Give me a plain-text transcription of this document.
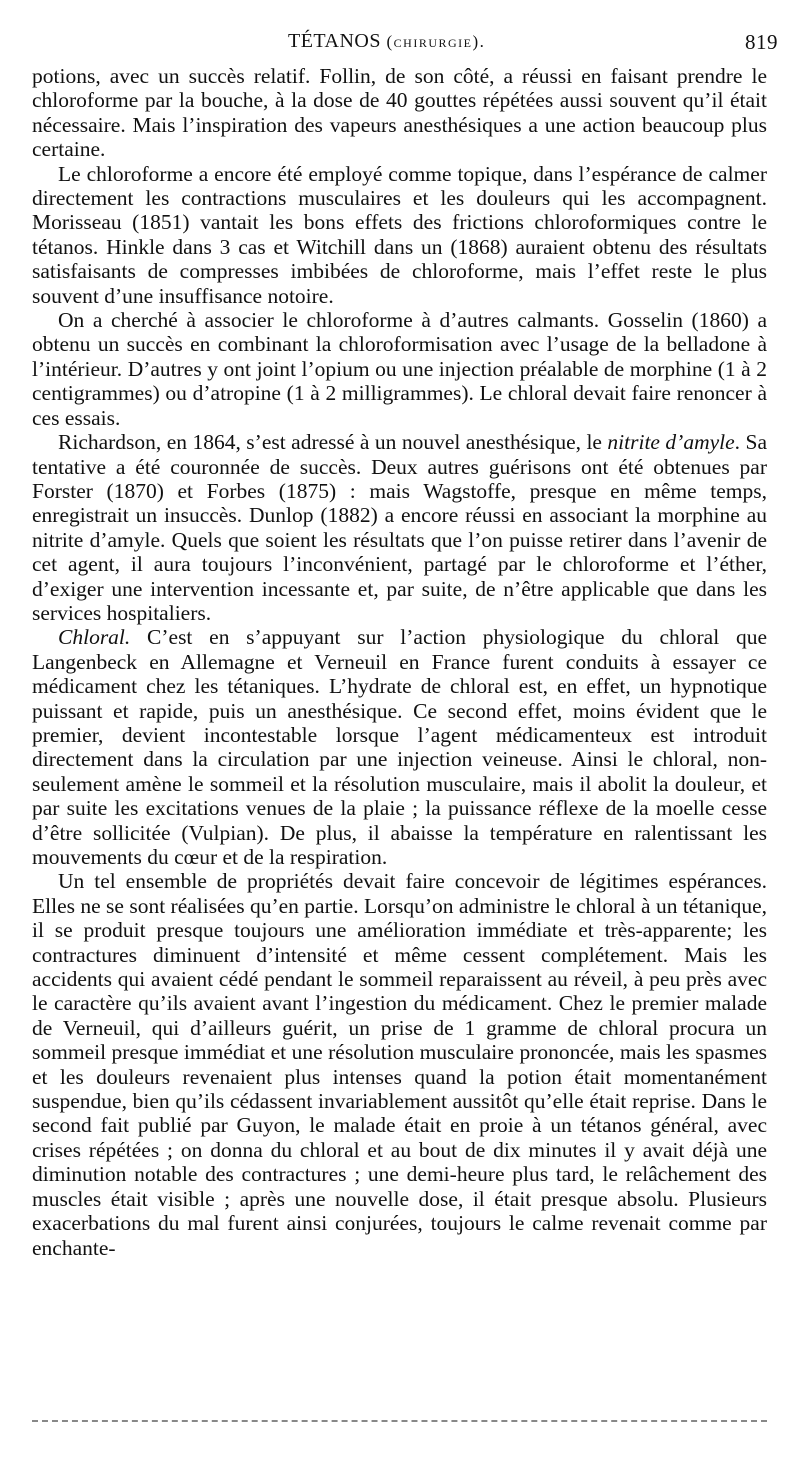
TÉTANOS (chirurgie).	819

potions, avec un succès relatif. Follin, de son côté, a réussi en faisant prendre le chloroforme par la bouche, à la dose de 40 gouttes répétées aussi souvent qu’il était nécessaire. Mais l’inspiration des vapeurs anesthésiques a une action beaucoup plus certaine.

Le chloroforme a encore été employé comme topique, dans l’espérance de calmer directement les contractions musculaires et les douleurs qui les accompagnent. Morisseau (1851) vantait les bons effets des frictions chloroformiques contre le tétanos. Hinkle dans 3 cas et Witchill dans un (1868) auraient obtenu des résultats satisfaisants de compresses imbibées de chloroforme, mais l’effet reste le plus souvent d’une insuffisance notoire.

On a cherché à associer le chloroforme à d’autres calmants. Gosselin (1860) a obtenu un succès en combinant la chloroformisation avec l’usage de la belladone à l’intérieur. D’autres y ont joint l’opium ou une injection préalable de morphine (1 à 2 centigrammes) ou d’atropine (1 à 2 milligrammes). Le chloral devait faire renoncer à ces essais.

Richardson, en 1864, s’est adressé à un nouvel anesthésique, le nitrite d’amyle. Sa tentative a été couronnée de succès. Deux autres guérisons ont été obtenues par Forster (1870) et Forbes (1875) : mais Wagstoffe, presque en même temps, enregistrait un insuccès. Dunlop (1882) a encore réussi en associant la morphine au nitrite d’amyle. Quels que soient les résultats que l’on puisse retirer dans l’avenir de cet agent, il aura toujours l’inconvénient, partagé par le chloroforme et l’éther, d’exiger une intervention incessante et, par suite, de n’être applicable que dans les services hospitaliers.

Chloral. C’est en s’appuyant sur l’action physiologique du chloral que Langenbeck en Allemagne et Verneuil en France furent conduits à essayer ce médicament chez les tétaniques. L’hydrate de chloral est, en effet, un hypnotique puissant et rapide, puis un anesthésique. Ce second effet, moins évident que le premier, devient incontestable lorsque l’agent médicamenteux est introduit directement dans la circulation par une injection veineuse. Ainsi le chloral, non-seulement amène le sommeil et la résolution musculaire, mais il abolit la douleur, et par suite les excitations venues de la plaie ; la puissance réflexe de la moelle cesse d’être sollicitée (Vulpian). De plus, il abaisse la température en ralentissant les mouvements du cœur et de la respiration.

Un tel ensemble de propriétés devait faire concevoir de légitimes espérances. Elles ne se sont réalisées qu’en partie. Lorsqu’on administre le chloral à un tétanique, il se produit presque toujours une amélioration immédiate et très-apparente; les contractures diminuent d’intensité et même cessent complétement. Mais les accidents qui avaient cédé pendant le sommeil reparaissent au réveil, à peu près avec le caractère qu’ils avaient avant l’ingestion du médicament. Chez le premier malade de Verneuil, qui d’ailleurs guérit, un prise de 1 gramme de chloral procura un sommeil presque immédiat et une résolution musculaire prononcée, mais les spasmes et les douleurs revenaient plus intenses quand la potion était momentanément suspendue, bien qu’ils cédassent invariablement aussitôt qu’elle était reprise. Dans le second fait publié par Guyon, le malade était en proie à un tétanos général, avec crises répétées ; on donna du chloral et au bout de dix minutes il y avait déjà une diminution notable des contractures ; une demi-heure plus tard, le relâchement des muscles était visible ; après une nouvelle dose, il était presque absolu. Plusieurs exacerbations du mal furent ainsi conjurées, toujours le calme revenait comme par enchante-
